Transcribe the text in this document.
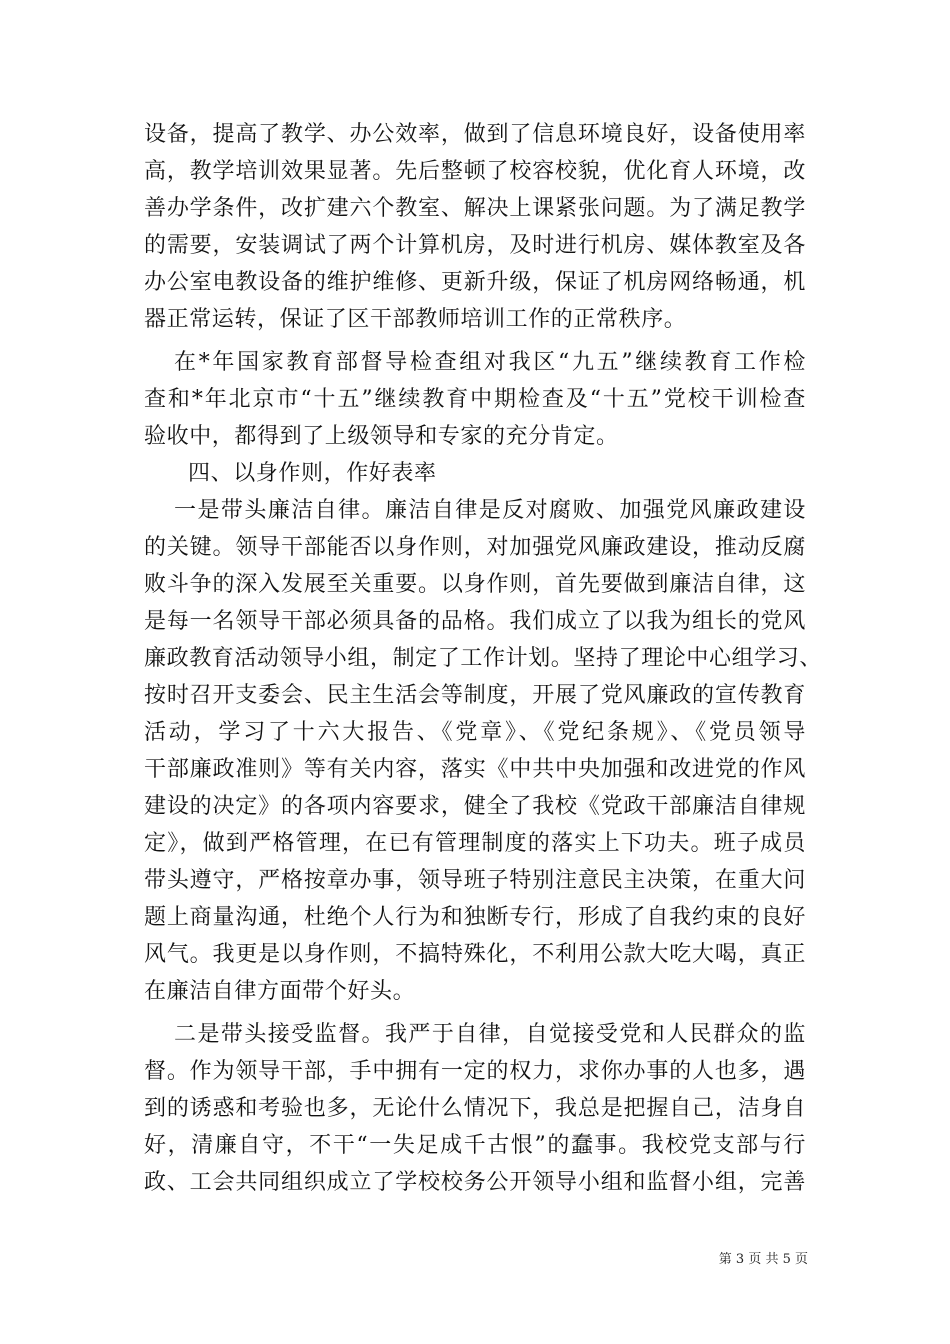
设备，提高了教学、办公效率，做到了信息环境良好，设备使用率
高，教学培训效果显著。先后整顿了校容校貌，优化育人环境，改
善办学条件，改扩建六个教室、解决上课紧张问题。为了满足教学
的需要，安装调试了两个计算机房，及时进行机房、媒体教室及各
办公室电教设备的维护维修、更新升级，保证了机房网络畅通，机
器正常运转，保证了区干部教师培训工作的正常秩序。
在*年国家教育部督导检查组对我区“九五”继续教育工作检
查和*年北京市“十五”继续教育中期检查及“十五”党校干训检查
验收中，都得到了上级领导和专家的充分肯定。
四、以身作则，作好表率
一是带头廉洁自律。廉洁自律是反对腐败、加强党风廉政建设
的关键。领导干部能否以身作则，对加强党风廉政建设，推动反腐
败斗争的深入发展至关重要。以身作则，首先要做到廉洁自律，这
是每一名领导干部必须具备的品格。我们成立了以我为组长的党风
廉政教育活动领导小组，制定了工作计划。坚持了理论中心组学习、
按时召开支委会、民主生活会等制度，开展了党风廉政的宣传教育
活动，学习了十六大报告、《党章》、《党纪条规》、《党员领导
干部廉政准则》等有关内容，落实《中共中央加强和改进党的作风
建设的决定》的各项内容要求，健全了我校《党政干部廉洁自律规
定》，做到严格管理，在已有管理制度的落实上下功夫。班子成员
带头遵守，严格按章办事，领导班子特别注意民主决策，在重大问
题上商量沟通，杜绝个人行为和独断专行，形成了自我约束的良好
风气。我更是以身作则，不搞特殊化，不利用公款大吃大喝，真正
在廉洁自律方面带个好头。
二是带头接受监督。我严于自律，自觉接受党和人民群众的监
督。作为领导干部，手中拥有一定的权力，求你办事的人也多，遇
到的诱惑和考验也多，无论什么情况下，我总是把握自己，洁身自
好，清廉自守，不干“一失足成千古恨”的蠢事。我校党支部与行
政、工会共同组织成立了学校校务公开领导小组和监督小组，完善
第 3 页 共 5 页
